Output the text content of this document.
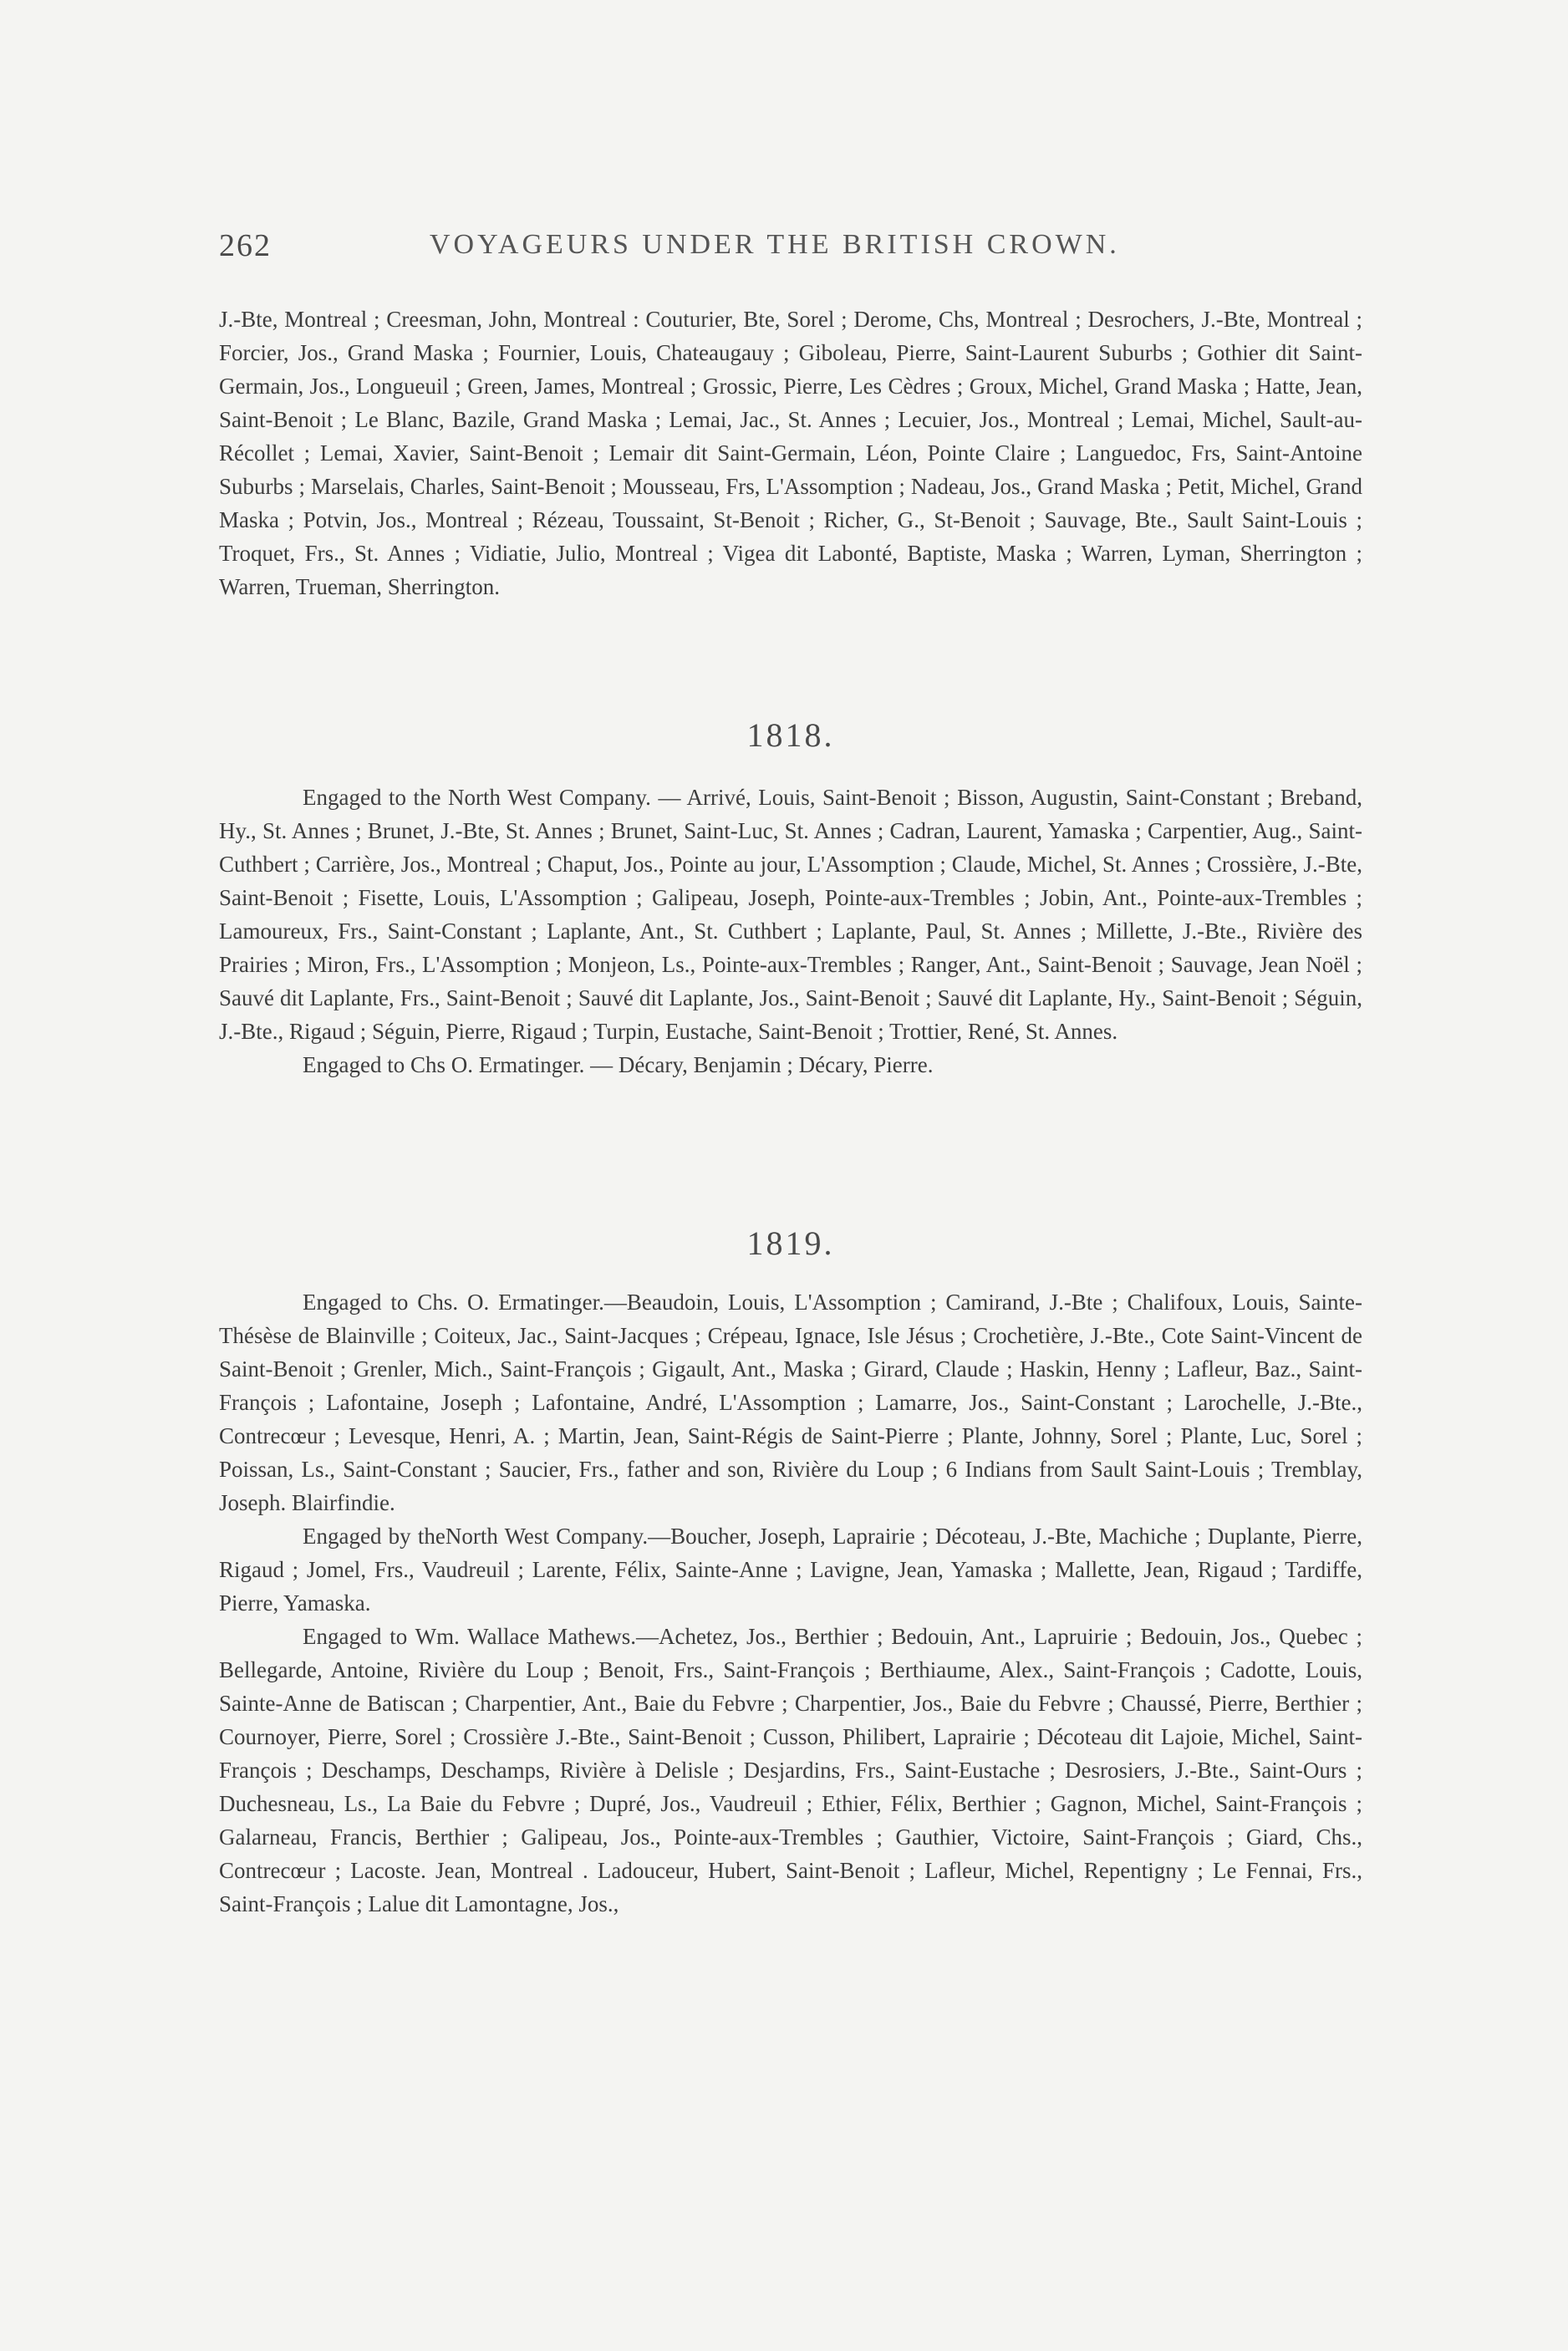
262	VOYAGEURS UNDER THE BRITISH CROWN.

J.-Bte, Montreal ; Creesman, John, Montreal : Couturier, Bte, Sorel ; Derome, Chs, Montreal ; Desrochers, J.-Bte, Montreal ; Forcier, Jos., Grand Maska ; Fournier, Louis, Chateaugauy ; Giboleau, Pierre, Saint-Laurent Suburbs ; Gothier dit Saint-Germain, Jos., Longueuil ; Green, James, Montreal ; Grossic, Pierre, Les Cèdres ; Groux, Michel, Grand Maska ; Hatte, Jean, Saint-Benoit ; Le Blanc, Bazile, Grand Maska ; Lemai, Jac., St. Annes ; Lecuier, Jos., Montreal ; Lemai, Michel, Sault-au-Récollet ; Lemai, Xavier, Saint-Benoit ; Lemair dit Saint-Germain, Léon, Pointe Claire ; Languedoc, Frs, Saint-Antoine Suburbs ; Marselais, Charles, Saint-Benoit ; Mousseau, Frs, L'Assomption ; Nadeau, Jos., Grand Maska ; Petit, Michel, Grand Maska ; Potvin, Jos., Montreal ; Rézeau, Toussaint, St-Benoit ; Richer, G., St-Benoit ; Sauvage, Bte., Sault Saint-Louis ; Troquet, Frs., St. Annes ; Vidiatie, Julio, Montreal ; Vigea dit Labonté, Baptiste, Maska ; Warren, Lyman, Sherrington ; Warren, Trueman, Sherrington.

1818.

Engaged to the North West Company. — Arrivé, Louis, Saint-Benoit ; Bisson, Augustin, Saint-Constant ; Breband, Hy., St. Annes ; Brunet, J.-Bte, St. Annes ; Brunet, Saint-Luc, St. Annes ; Cadran, Laurent, Yamaska ; Carpentier, Aug., Saint-Cuthbert ; Carrière, Jos., Montreal ; Chaput, Jos., Pointe au jour, L'Assomption ; Claude, Michel, St. Annes ; Crossière, J.-Bte, Saint-Benoit ; Fisette, Louis, L'Assomption ; Galipeau, Joseph, Pointe-aux-Trembles ; Jobin, Ant., Pointe-aux-Trembles ; Lamoureux, Frs., Saint-Constant ; Laplante, Ant., St. Cuthbert ; Laplante, Paul, St. Annes ; Millette, J.-Bte., Rivière des Prairies ; Miron, Frs., L'Assomption ; Monjeon, Ls., Pointe-aux-Trembles ; Ranger, Ant., Saint-Benoit ; Sauvage, Jean Noël ; Sauvé dit Laplante, Frs., Saint-Benoit ; Sauvé dit Laplante, Jos., Saint-Benoit ; Sauvé dit Laplante, Hy., Saint-Benoit ; Séguin, J.-Bte., Rigaud ; Séguin, Pierre, Rigaud ; Turpin, Eustache, Saint-Benoit ; Trottier, René, St. Annes.

Engaged to Chs O. Ermatinger. — Décary, Benjamin ; Décary, Pierre.

1819.

Engaged to Chs. O. Ermatinger.—Beaudoin, Louis, L'Assomption ; Camirand, J.-Bte ; Chalifoux, Louis, Sainte-Thésèse de Blainville ; Coiteux, Jac., Saint-Jacques ; Crépeau, Ignace, Isle Jésus ; Crochetière, J.-Bte., Cote Saint-Vincent de Saint-Benoit ; Grenler, Mich., Saint-François ; Gigault, Ant., Maska ; Girard, Claude ; Haskin, Henny ; Lafleur, Baz., Saint-François ; Lafontaine, Joseph ; Lafontaine, André, L'Assomption ; Lamarre, Jos., Saint-Constant ; Larochelle, J.-Bte., Contrecœur ; Levesque, Henri, A. ; Martin, Jean, Saint-Régis de Saint-Pierre ; Plante, Johnny, Sorel ; Plante, Luc, Sorel ; Poissan, Ls., Saint-Constant ; Saucier, Frs., father and son, Rivière du Loup ; 6 Indians from Sault Saint-Louis ; Tremblay, Joseph. Blairfindie.

Engaged by theNorth West Company.—Boucher, Joseph, Laprairie ; Décoteau, J.-Bte, Machiche ; Duplante, Pierre, Rigaud ; Jomel, Frs., Vaudreuil ; Larente, Félix, Sainte-Anne ; Lavigne, Jean, Yamaska ; Mallette, Jean, Rigaud ; Tardiffe, Pierre, Yamaska.

Engaged to Wm. Wallace Mathews.—Achetez, Jos., Berthier ; Bedouin, Ant., Lapruirie ; Bedouin, Jos., Quebec ; Bellegarde, Antoine, Rivière du Loup ; Benoit, Frs., Saint-François ; Berthiaume, Alex., Saint-François ; Cadotte, Louis, Sainte-Anne de Batiscan ; Charpentier, Ant., Baie du Febvre ; Charpentier, Jos., Baie du Febvre ; Chaussé, Pierre, Berthier ; Cournoyer, Pierre, Sorel ; Crossière J.-Bte., Saint-Benoit ; Cusson, Philibert, Laprairie ; Décoteau dit Lajoie, Michel, Saint-François ; Deschamps, Deschamps, Rivière à Delisle ; Desjardins, Frs., Saint-Eustache ; Desrosiers, J.-Bte., Saint-Ours ; Duchesneau, Ls., La Baie du Febvre ; Dupré, Jos., Vaudreuil ; Ethier, Félix, Berthier ; Gagnon, Michel, Saint-François ; Galarneau, Francis, Berthier ; Galipeau, Jos., Pointe-aux-Trembles ; Gauthier, Victoire, Saint-François ; Giard, Chs., Contrecœur ; Lacoste. Jean, Montreal . Ladouceur, Hubert, Saint-Benoit ; Lafleur, Michel, Repentigny ; Le Fennai, Frs., Saint-François ; Lalue dit Lamontagne, Jos.,
